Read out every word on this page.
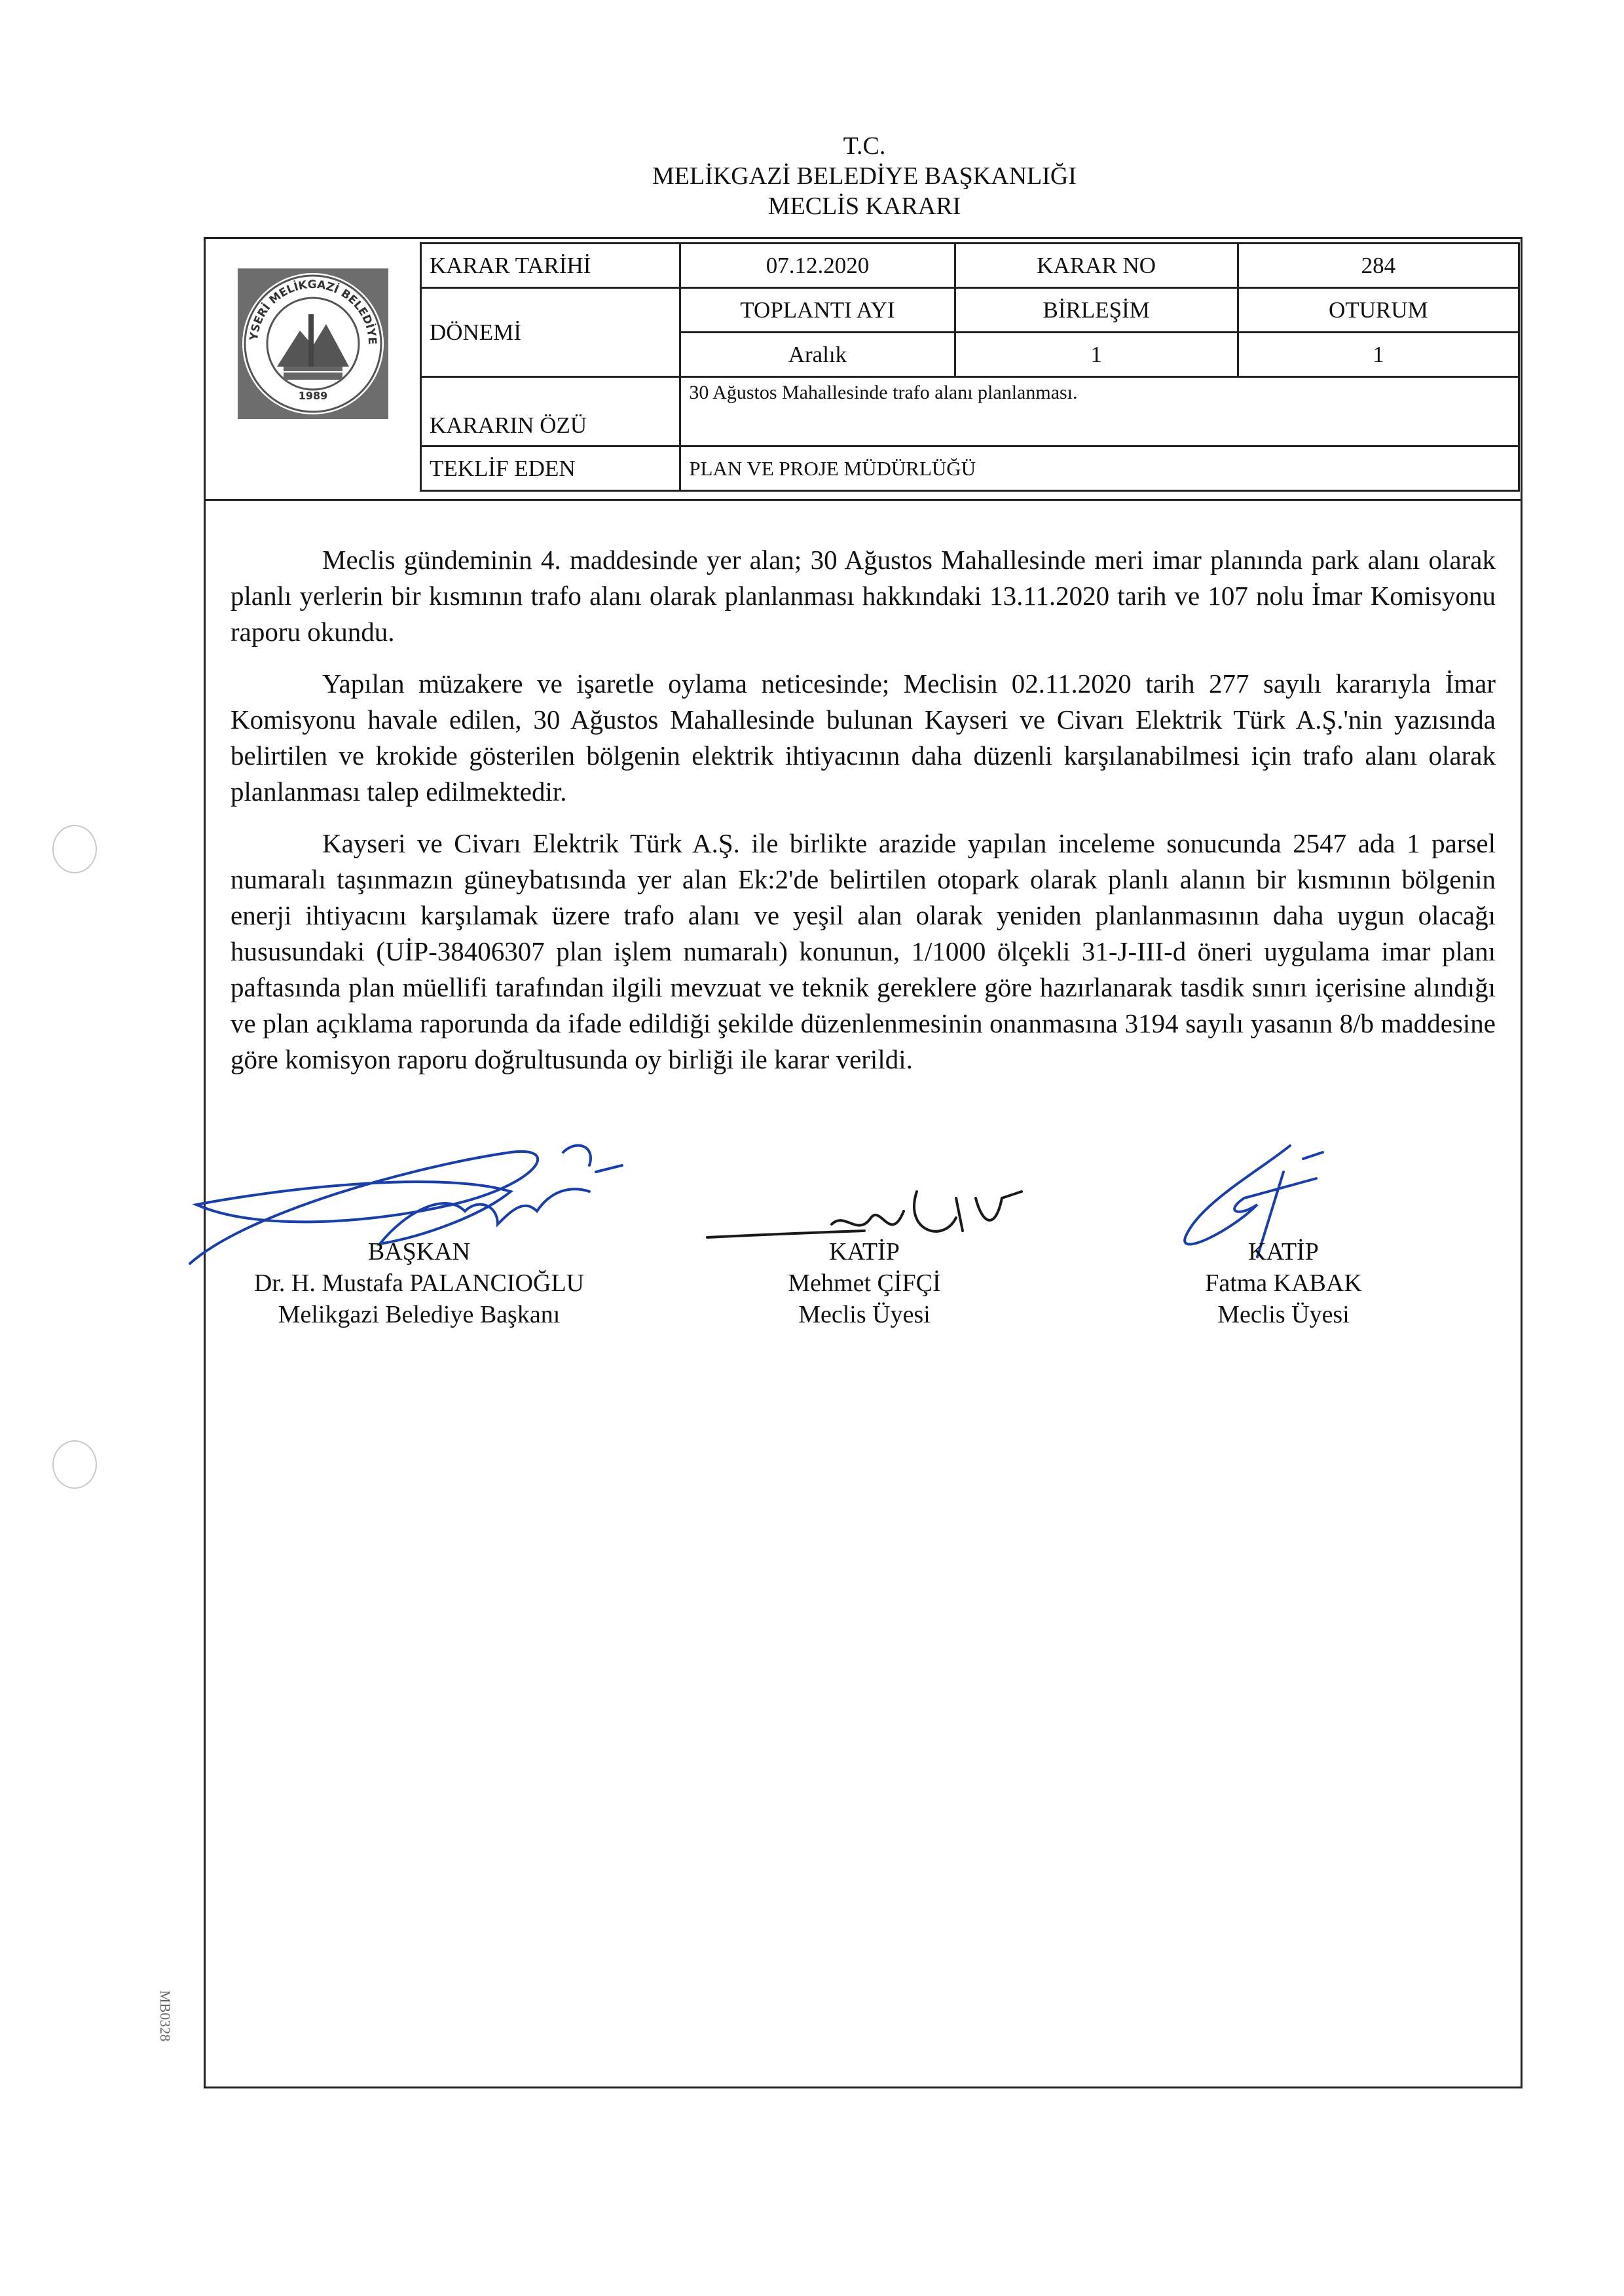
T.C.
MELİKGAZİ BELEDİYE BAŞKANLIĞI
MECLİS KARARI
YSERİ MELİKGAZİ BELEDİYE
1989
KARAR TARİHİ	07.12.2020	KARAR NO	284
DÖNEMİ	TOPLANTI AYI	BİRLEŞİM	OTURUM
	Aralık	1	1
KARARIN ÖZÜ	30 Ağustos Mahallesinde trafo alanı planlanması.		
TEKLİF EDEN	PLAN VE PROJE MÜDÜRLÜĞÜ		

Meclis gündeminin 4. maddesinde yer alan; 30 Ağustos Mahallesinde meri imar planında park alanı olarak planlı yerlerin bir kısmının trafo alanı olarak planlanması hakkındaki 13.11.2020 tarih ve 107 nolu İmar Komisyonu raporu okundu.

Yapılan müzakere ve işaretle oylama neticesinde; Meclisin 02.11.2020 tarih 277 sayılı kararıyla İmar Komisyonu havale edilen, 30 Ağustos Mahallesinde bulunan Kayseri ve Civarı Elektrik Türk A.Ş.'nin yazısında belirtilen ve krokide gösterilen bölgenin elektrik ihtiyacının daha düzenli karşılanabilmesi için trafo alanı olarak planlanması talep edilmektedir.

Kayseri ve Civarı Elektrik Türk A.Ş. ile birlikte arazide yapılan inceleme sonucunda 2547 ada 1 parsel numaralı taşınmazın güneybatısında yer alan Ek:2'de belirtilen otopark olarak planlı alanın bir kısmının bölgenin enerji ihtiyacını karşılamak üzere trafo alanı ve yeşil alan olarak yeniden planlanmasının daha uygun olacağı hususundaki (UİP-38406307 plan işlem numaralı) konunun, 1/1000 ölçekli 31-J-III-d öneri uygulama imar planı paftasında plan müellifi tarafından ilgili mevzuat ve teknik gereklere göre hazırlanarak tasdik sınırı içerisine alındığı ve plan açıklama raporunda da ifade edildiği şekilde düzenlenmesinin onanmasına 3194 sayılı yasanın 8/b maddesine göre komisyon raporu doğrultusunda oy birliği ile karar verildi.

BAŞKAN
Dr. H. Mustafa PALANCIOĞLU
Melikgazi Belediye Başkanı
KATİP
Mehmet ÇİFÇİ
Meclis Üyesi
KATİP
Fatma KABAK
Meclis Üyesi
MB0328
